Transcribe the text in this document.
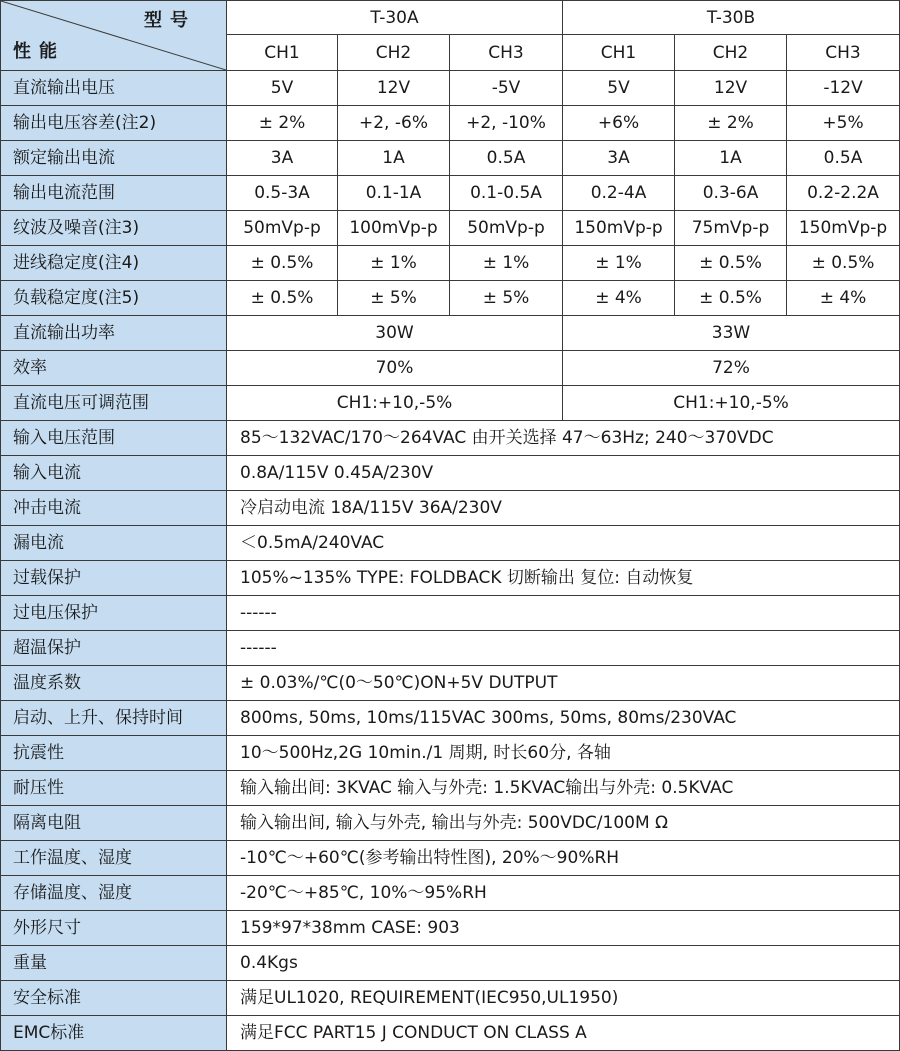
型号
性能	T-30A			T-30B		
	CH1	CH2	CH3	CH1	CH2	CH3
直流输出电压	5V	12V	-5V	5V	12V	-12V
输出电压容差(注2)	± 2%	+2, -6%	+2, -10%	+6%	± 2%	+5%
额定输出电流	3A	1A	0.5A	3A	1A	0.5A
输出电流范围	0.5-3A	0.1-1A	0.1-0.5A	0.2-4A	0.3-6A	0.2-2.2A
纹波及噪音(注3)	50mVp-p	100mVp-p	50mVp-p	150mVp-p	75mVp-p	150mVp-p
进线稳定度(注4)	± 0.5%	± 1%	± 1%	± 1%	± 0.5%	± 0.5%
负载稳定度(注5)	± 0.5%	± 5%	± 5%	± 4%	± 0.5%	± 4%
直流输出功率	30W			33W		
效率	70%			72%		
直流电压可调范围	CH1:+10,-5%			CH1:+10,-5%		
输入电压范围	85～132VAC/170～264VAC 由开关选择 47～63Hz; 240～370VDC					
输入电流	0.8A/115V 0.45A/230V					
冲击电流	冷启动电流 18A/115V 36A/230V					
漏电流	＜0.5mA/240VAC					
过载保护	105%~135% TYPE: FOLDBACK 切断输出 复位: 自动恢复					
过电压保护	------					
超温保护	------					
温度系数	± 0.03%/℃(0～50℃)ON+5V DUTPUT					
启动、上升、保持时间	800ms, 50ms, 10ms/115VAC 300ms, 50ms, 80ms/230VAC					
抗震性	10～500Hz,2G 10min./1 周期, 时长60分, 各轴					
耐压性	输入输出间: 3KVAC 输入与外壳: 1.5KVAC输出与外壳: 0.5KVAC					
隔离电阻	输入输出间, 输入与外壳, 输出与外壳: 500VDC/100M Ω					
工作温度、湿度	-10℃～+60℃(参考输出特性图), 20%～90%RH					
存储温度、湿度	-20℃～+85℃, 10%～95%RH					
外形尺寸	159*97*38mm CASE: 903					
重量	0.4Kgs					
安全标准	满足UL1020, REQUIREMENT(IEC950,UL1950)					
EMC标准	满足FCC PART15 J CONDUCT ON CLASS A					
